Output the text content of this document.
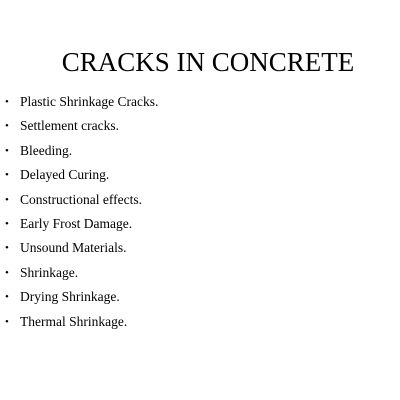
CRACKS IN CONCRETE
• Plastic Shrinkage Cracks.
• Settlement cracks.
• Bleeding.
• Delayed Curing.
• Constructional effects.
• Early Frost Damage.
• Unsound Materials.
• Shrinkage.
• Drying Shrinkage.
• Thermal Shrinkage.
